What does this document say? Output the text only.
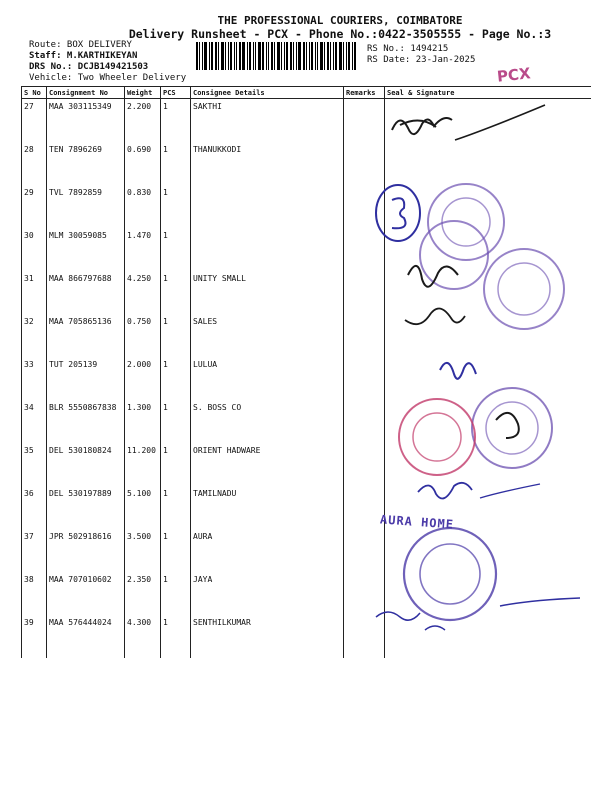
THE PROFESSIONAL COURIERS, COIMBATORE
Delivery Runsheet - PCX - Phone No.:0422-3505555 - Page No.:3
Route: BOX DELIVERY
Staff: M.KARTHIKEYAN
DRS No.: DCJB149421503
Vehicle: Two Wheeler Delivery
RS No.: 1494215
RS Date: 23-Jan-2025
PCX
S No	Consignment No	Weight	PCS	Consignee Details	Remarks	Seal & Signature
27	MAA 303115349	2.200	1	SAKTHI		
28	TEN 7896269	0.690	1	THANUKKODI		
29	TVL 7892859	0.830	1			
30	MLM 30059085	1.470	1			
31	MAA 866797688	4.250	1	UNITY SMALL		
32	MAA 705865136	0.750	1	SALES		
33	TUT 205139	2.000	1	LULUA		
34	BLR 5550867838	1.300	1	S. BOSS CO		
35	DEL 530180824	11.200	1	ORIENT HADWARE		
36	DEL 530197889	5.100	1	TAMILNADU		
37	JPR 502918616	3.500	1	AURA		
38	MAA 707010602	2.350	1	JAYA		
39	MAA 576444024	4.300	1	SENTHILKUMAR		
AURA HOME
